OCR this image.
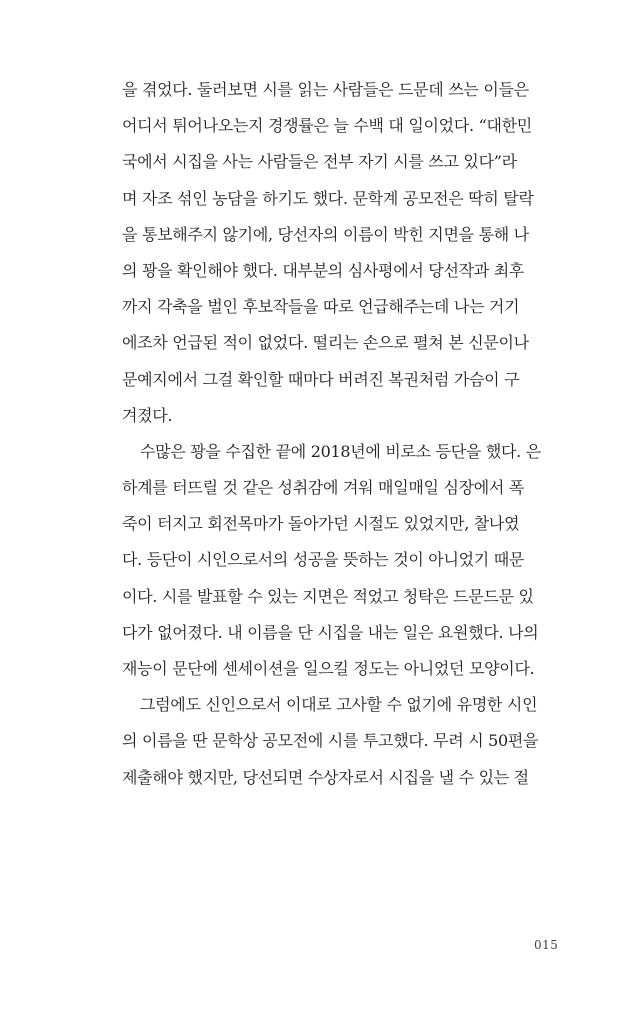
을 겪었다. 둘러보면 시를 읽는 사람들은 드문데 쓰는 이들은
어디서 튀어나오는지 경쟁률은 늘 수백 대 일이었다. “대한민
국에서 시집을 사는 사람들은 전부 자기 시를 쓰고 있다”라
며 자조 섞인 농담을 하기도 했다. 문학계 공모전은 딱히 탈락
을 통보해주지 않기에, 당선자의 이름이 박힌 지면을 통해 나
의 꽝을 확인해야 했다. 대부분의 심사평에서 당선작과 최후
까지 각축을 벌인 후보작들을 따로 언급해주는데 나는 거기
에조차 언급된 적이 없었다. 떨리는 손으로 펼쳐 본 신문이나
문예지에서 그걸 확인할 때마다 버려진 복권처럼 가슴이 구
겨졌다.
수많은 꽝을 수집한 끝에 2018년에 비로소 등단을 했다. 은
하계를 터뜨릴 것 같은 성취감에 겨워 매일매일 심장에서 폭
죽이 터지고 회전목마가 돌아가던 시절도 있었지만, 찰나였
다. 등단이 시인으로서의 성공을 뜻하는 것이 아니었기 때문
이다. 시를 발표할 수 있는 지면은 적었고 청탁은 드문드문 있
다가 없어졌다. 내 이름을 단 시집을 내는 일은 요원했다. 나의
재능이 문단에 센세이션을 일으킬 정도는 아니었던 모양이다.
그럼에도 신인으로서 이대로 고사할 수 없기에 유명한 시인
의 이름을 딴 문학상 공모전에 시를 투고했다. 무려 시 50편을
제출해야 했지만, 당선되면 수상자로서 시집을 낼 수 있는 절
015
